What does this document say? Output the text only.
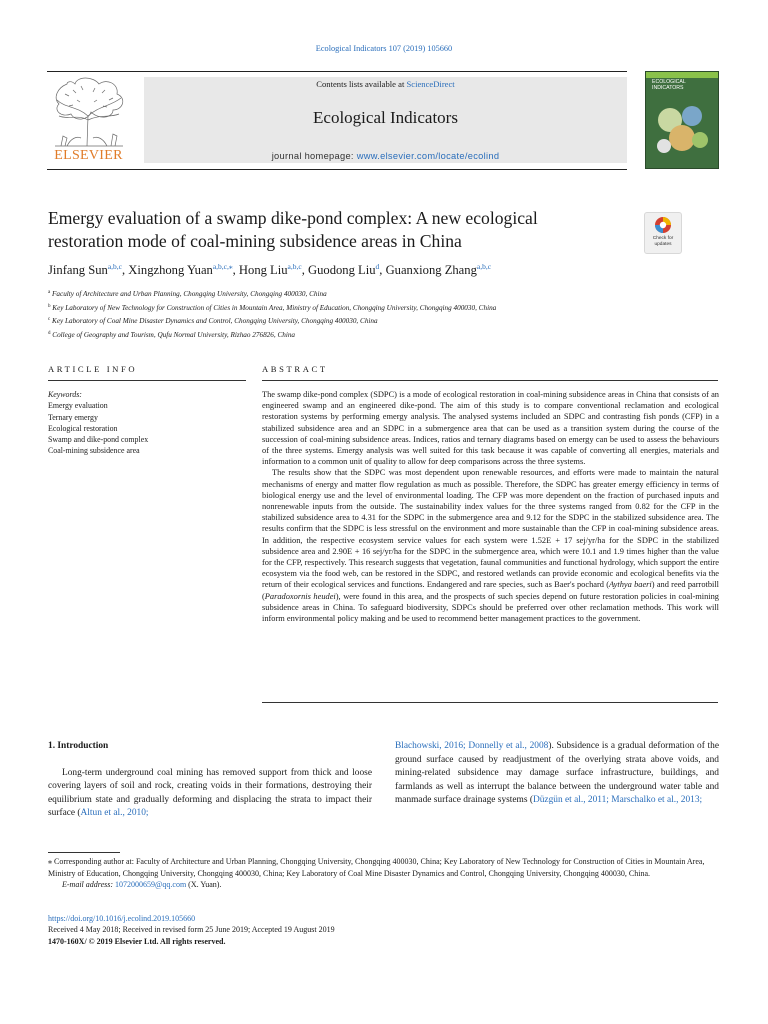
Ecological Indicators 107 (2019) 105660
ELSEVIER
Contents lists available at ScienceDirect
Ecological Indicators
journal homepage: www.elsevier.com/locate/ecolind
ECOLOGICAL
INDICATORS
Emergy evaluation of a swamp dike-pond complex: A new ecological
restoration mode of coal-mining subsidence areas in China	Check for updates
Jinfang Sun$^{a,b,c}$, Xingzhong Yuan$^{a,b,c,⁎}$, Hong Liu$^{a,b,c}$, Guodong Liu$^d$, Guanxiong Zhang$^{a,b,c}$
$^a$ Faculty of Architecture and Urban Planning, Chongqing University, Chongqing 400030, China
$^b$ Key Laboratory of New Technology for Construction of Cities in Mountain Area, Ministry of Education, Chongqing University, Chongqing 400030, China
$^c$ Key Laboratory of Coal Mine Disaster Dynamics and Control, Chongqing University, Chongqing 400030, China
$^d$ College of Geography and Tourism, Qufu Normal University, Rizhao 276826, China
ARTICLE INFO
Keywords:
Emergy evaluation
Ternary emergy
Ecological restoration
Swamp and dike-pond complex
Coal-mining subsidence area
ABSTRACT

The swamp dike-pond complex (SDPC) is a mode of ecological restoration in coal-mining subsidence areas in China that consists of an engineered swamp and an engineered dike-pond. The aim of this study is to compare conventional reclamation and ecological restoration systems by performing emergy analysis. The analysed systems included an SDPC and contrasting fish ponds (CFP) in a stabilized subsidence area and an SDPC in a submergence area that can be used as a transition system during the course of the succession of coal-mining subsidence areas. Indices, ratios and ternary diagrams based on emergy can be used to assess the behaviours of the three systems. Emergy analysis was well suited for this task because it was capable of converting all energies, materials and information to a common unit of quality to allow for deep comparisons across the three systems.

The results show that the SDPC was most dependent upon renewable resources, and efforts were made to maintain the natural mechanisms of energy and matter flow regulation as much as possible. Therefore, the SDPC has greater emergy efficiency in terms of biological energy use and the level of environmental loading. The CFP was more dependent on the fraction of purchased inputs and nonrenewable inputs from the outside. The sustainability index values for the three systems ranged from 0.82 for the CFP in the stabilized subsidence area to 4.31 for the SDPC in the submergence area and 9.12 for the SDPC in the stabilized subsidence area. The results confirm that the SDPC is less stressful on the environment and more sustainable than the CFP in coal-mining subsidence areas. In addition, the respective ecosystem service values for each system were 1.52E + 17 sej/yr/ha for the SDPC in the stabilized subsidence area and 2.90E + 16 sej/yr/ha for the SDPC in the submergence area, which were 10.1 and 1.9 times higher than the value for the CFP, respectively. This research suggests that vegetation, faunal communities and functional hydrology, which support the entire ecosystem via the food web, can be restored in the SDPC, and restored wetlands can provide economic and ecological benefits via the return of their ecological services and functions. Endangered and rare species, such as Baer's pochard (Aythya baeri) and reed parrotbill (Paradoxornis heudei), were found in this area, and the prospects of such species depend on future restoration policies in coal-mining subsidence areas in China. To safeguard biodiversity, SDPCs should be preferred over other reclamation methods. This work will inform environmental policy making and be used to recommend better management practices to the government.

1. Introduction

Long-term underground coal mining has removed support from thick and loose covering layers of soil and rock, creating voids in their formations, destroying their equilibrium state and gradually deforming and displacing the strata to impact their surface (Altun et al., 2010;

Blachowski, 2016; Donnelly et al., 2008). Subsidence is a gradual deformation of the ground surface caused by readjustment of the overlying strata above voids, and mining-related subsidence may damage surface infrastructure, buildings, and farmlands as well as interrupt the balance between the underground water table and manmade surface drainage systems (Düzgün et al., 2011; Marschalko et al., 2013;

⁎ Corresponding author at: Faculty of Architecture and Urban Planning, Chongqing University, Chongqing 400030, China; Key Laboratory of New Technology for Construction of Cities in Mountain Area, Ministry of Education, Chongqing University, Chongqing 400030, China; Key Laboratory of Coal Mine Disaster Dynamics and Control, Chongqing University, Chongqing 400030, China.

E-mail address: 1072000659@qq.com (X. Yuan).

https://doi.org/10.1016/j.ecolind.2019.105660
Received 4 May 2018; Received in revised form 25 June 2019; Accepted 19 August 2019
1470-160X/ © 2019 Elsevier Ltd. All rights reserved.
